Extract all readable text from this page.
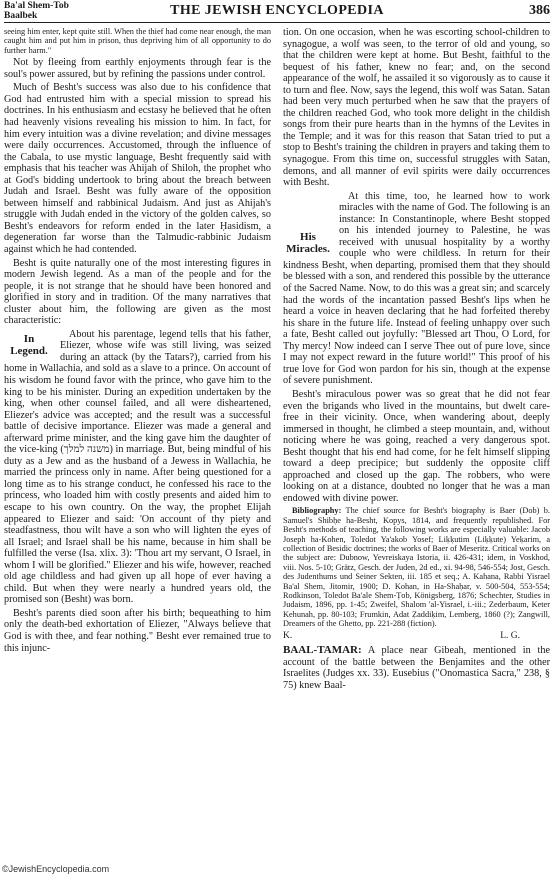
Ba'al Shem-Tob
Baalbek	THE JEWISH ENCYCLOPEDIA	386

seeing him enter, kept quite still. When the thief had come near enough, the man caught him and put him in prison, thus depriving him of all opportunity to do further harm."

Not by fleeing from earthly enjoyments through fear is the soul's power assured, but by refining the passions under control.

Much of Besht's success was also due to his confidence that God had entrusted him with a special mission to spread his doctrines. In his enthusiasm and ecstasy he believed that he often had heavenly visions revealing his mission to him. In fact, for him every intuition was a divine revelation; and divine messages were daily occurrences. Accustomed, through the influence of the Cabala, to use mystic language, Besht frequently said with emphasis that his teacher was Ahijah of Shiloh, the prophet who at God's bidding undertook to bring about the breach between Judah and Israel. Besht was fully aware of the opposition between himself and rabbinical Judaism. And just as Ahijah's struggle with Judah ended in the victory of the golden calves, so Besht's endeavors for reform ended in the later Ḥasidism, a degeneration far worse than the Talmudic-rabbinic Judaism against which he had contended.

Besht is quite naturally one of the most interesting figures in modern Jewish legend. As a man of the people and for the people, it is not strange that he should have been honored and glorified in story and in tradition. Of the many narratives that cluster about him, the following are given as the most characteristic:

In Legend.

About his parentage, legend tells that his father, Eliezer, whose wife was still living, was seized during an attack (by the Tatars?), carried from his home in Wallachia, and sold as a slave to a prince. On account of his wisdom he found favor with the prince, who gave him to the king to be his minister. During an expedition undertaken by the king, when other counsel failed, and all were disheartened, Eliezer's advice was accepted; and the result was a successful battle of decisive importance. Eliezer was made a general and afterward prime minister, and the king gave him the daughter of the vice-king (משנה למלך) in marriage. But, being mindful of his duty as a Jew and as the husband of a Jewess in Wallachia, he married the princess only in name. After being questioned for a long time as to his strange conduct, he confessed his race to the princess, who loaded him with costly presents and aided him to escape to his own country. On the way, the prophet Elijah appeared to Eliezer and said: 'On account of thy piety and steadfastness, thou wilt have a son who will lighten the eyes of all Israel; and Israel shall be his name, because in him shall be fulfilled the verse (Isa. xlix. 3): 'Thou art my servant, O Israel, in whom I will be glorified.'' Eliezer and his wife, however, reached old age childless and had given up all hope of ever having a child. But when they were nearly a hundred years old, the promised son (Besht) was born.

Besht's parents died soon after his birth; bequeathing to him only the death-bed exhortation of Eliezer, "Always believe that God is with thee, and fear nothing." Besht ever remained true to this injunc-

tion. On one occasion, when he was escorting school-children to synagogue, a wolf was seen, to the terror of old and young, so that the children were kept at home. But Besht, faithful to the bequest of his father, knew no fear; and, on the second appearance of the wolf, he assailed it so vigorously as to cause it to turn and flee. Now, says the legend, this wolf was Satan. Satan had been very much perturbed when he saw that the prayers of the children reached God, who took more delight in the childish songs from their pure hearts than in the hymns of the Levites in the Temple; and it was for this reason that Satan tried to put a stop to Besht's training the children in prayers and taking them to synagogue. From this time on, successful struggles with Satan, demons, and all manner of evil spirits were daily occurrences with Besht.

His Miracles.

At this time, too, he learned how to work miracles with the name of God. The following is an instance: In Constantinople, where Besht stopped on his intended journey to Palestine, he was received with unusual hospitality by a worthy couple who were childless. In return for their kindness Besht, when departing, promised them that they should be blessed with a son, and rendered this possible by the utterance of the Sacred Name. Now, to do this was a great sin; and scarcely had the words of the incantation passed Besht's lips when he heard a voice in heaven declaring that he had forfeited thereby his share in the future life. Instead of feeling unhappy over such a fate, Besht called out joyfully: "Blessed art Thou, O Lord, for Thy mercy! Now indeed can I serve Thee out of pure love, since I may not expect reward in the future world!" This proof of his true love for God won pardon for his sin, though at the expense of severe punishment.

Besht's miraculous power was so great that he did not fear even the brigands who lived in the mountains, but dwelt care-free in their vicinity. Once, when wandering about, deeply immersed in thought, he climbed a steep mountain, and, without noticing where he was going, reached a very dangerous spot. Besht thought that his end had come, for he felt himself slipping toward a deep precipice; but suddenly the opposite cliff approached and closed up the gap. The robbers, who were looking on at a distance, doubted no longer that he was a man endowed with divine power.

Bibliography: The chief source for Besht's biography is Baer (Dob) b. Samuel's Shibḥe ha-Besht, Kopys, 1814, and frequently republished. For Besht's methods of teaching, the following works are especially valuable: Jacob Joseph ha-Kohen, Toledot Ya'akob Yosef; Liḳḳutim (Liḳḳute) Yeḳarim, a collection of Besidic doctrines; the works of Baer of Meseritz. Critical works on the subject are: Dubnow, Yevreiskaya Istoria, ii. 426-431; idem, in Voskhod, viii. Nos. 5-10; Grätz, Gesch. der Juden, 2d ed., xi. 94-98, 546-554; Jost, Gesch. des Judenthums und Seiner Sekten, iii. 185 et seq.; A. Kahana, Rabbi Yisrael Ba'al Shem, Jitomir, 1900; D. Kohan, in Ha-Shaḥar, v. 500-504, 553-554; Rodkinson, Toledot Ba'ale Shem-Ṭob, Königsberg, 1876; Schechter, Studies in Judaism, 1896, pp. 1-45; Zweifel, Shalom 'al-Yisrael, i.-iii.; Zederbaum, Keter Kehunah, pp. 80-103; Frumkin, Adat Ẓaddiḳim, Lemberg, 1860 (?); Zangwill, Dreamers of the Ghetto, pp. 221-288 (fiction).

K.	L. G.

BAAL-TAMAR: A place near Gibeah, mentioned in the account of the battle between the Benjamites and the other Israelites (Judges xx. 33). Eusebius ("Onomastica Sacra," 238, § 75) knew Baal-

©JewishEncyclopedia.com
